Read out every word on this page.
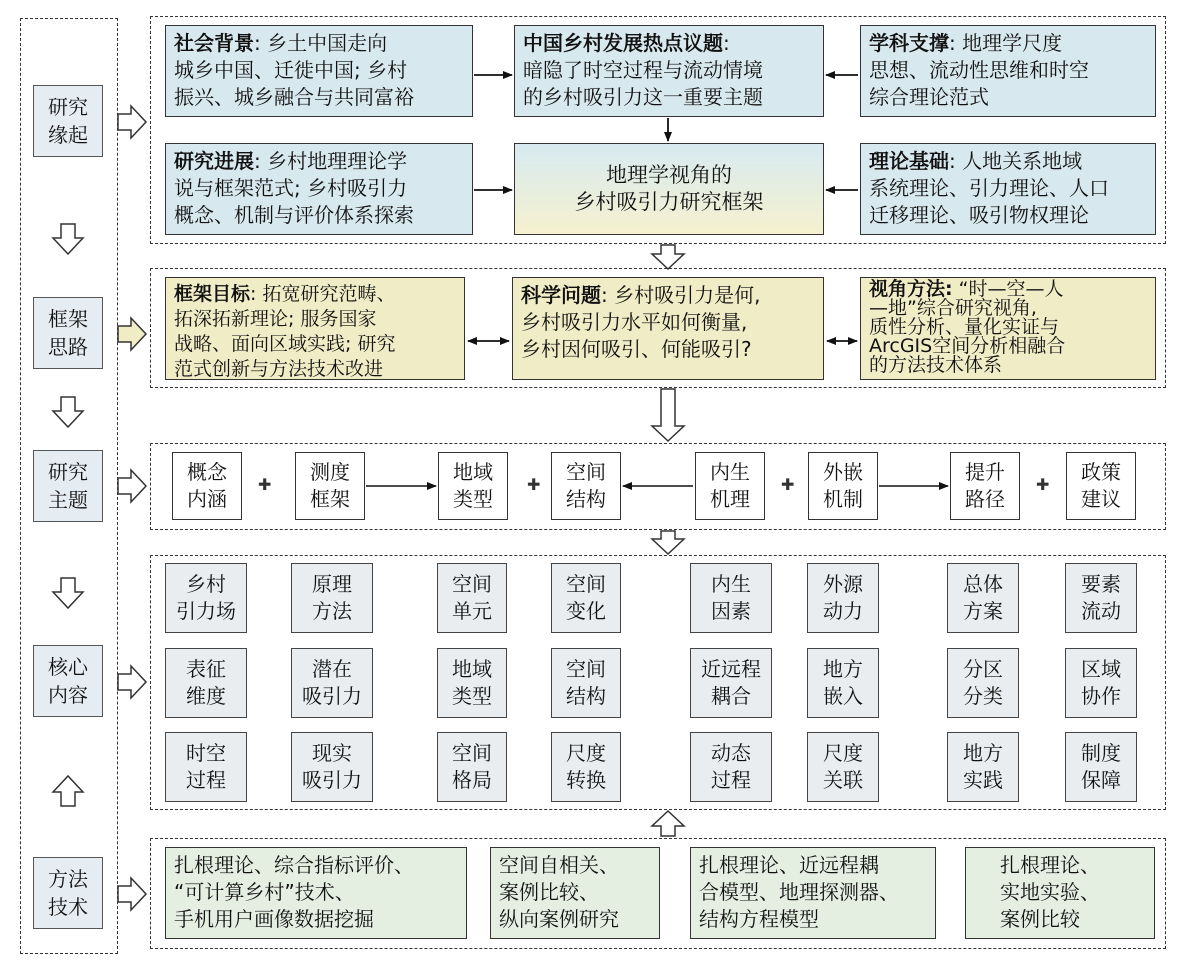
研究
缘起
框架
思路
研究
主题
核心
内容
方法
技术
社会背景: 乡土中国走向
城乡中国、迁徙中国; 乡村
振兴、城乡融合与共同富裕
中国乡村发展热点议题:
暗隐了时空过程与流动情境
的乡村吸引力这一重要主题
学科支撑: 地理学尺度
思想、流动性思维和时空
综合理论范式
研究进展: 乡村地理理论学
说与框架范式; 乡村吸引力
概念、机制与评价体系探索
地理学视角的
乡村吸引力研究框架
理论基础: 人地关系地域
系统理论、引力理论、人口
迁移理论、吸引物权理论
框架目标: 拓宽研究范畴、
拓深拓新理论; 服务国家
战略、面向区域实践; 研究
范式创新与方法技术改进
科学问题: 乡村吸引力是何,
乡村吸引力水平如何衡量,
乡村因何吸引、何能吸引?
视角方法: “时—空—人
—地”综合研究视角,
质性分析、量化实证与
ArcGIS空间分析相融合
的方法技术体系
概念
内涵
测度
框架
地域
类型
空间
结构
内生
机理
外嵌
机制
提升
路径
政策
建议
乡村
引力场
原理
方法
空间
单元
空间
变化
内生
因素
外源
动力
总体
方案
要素
流动
表征
维度
潜在
吸引力
地域
类型
空间
结构
近远程
耦合
地方
嵌入
分区
分类
区域
协作
时空
过程
现实
吸引力
空间
格局
尺度
转换
动态
过程
尺度
关联
地方
实践
制度
保障
扎根理论、综合指标评价、
“可计算乡村”技术、
手机用户画像数据挖掘
空间自相关、
案例比较、
纵向案例研究
扎根理论、近远程耦
合模型、地理探测器、
结构方程模型
扎根理论、
实地实验、
案例比较
✚	✚	✚	✚
